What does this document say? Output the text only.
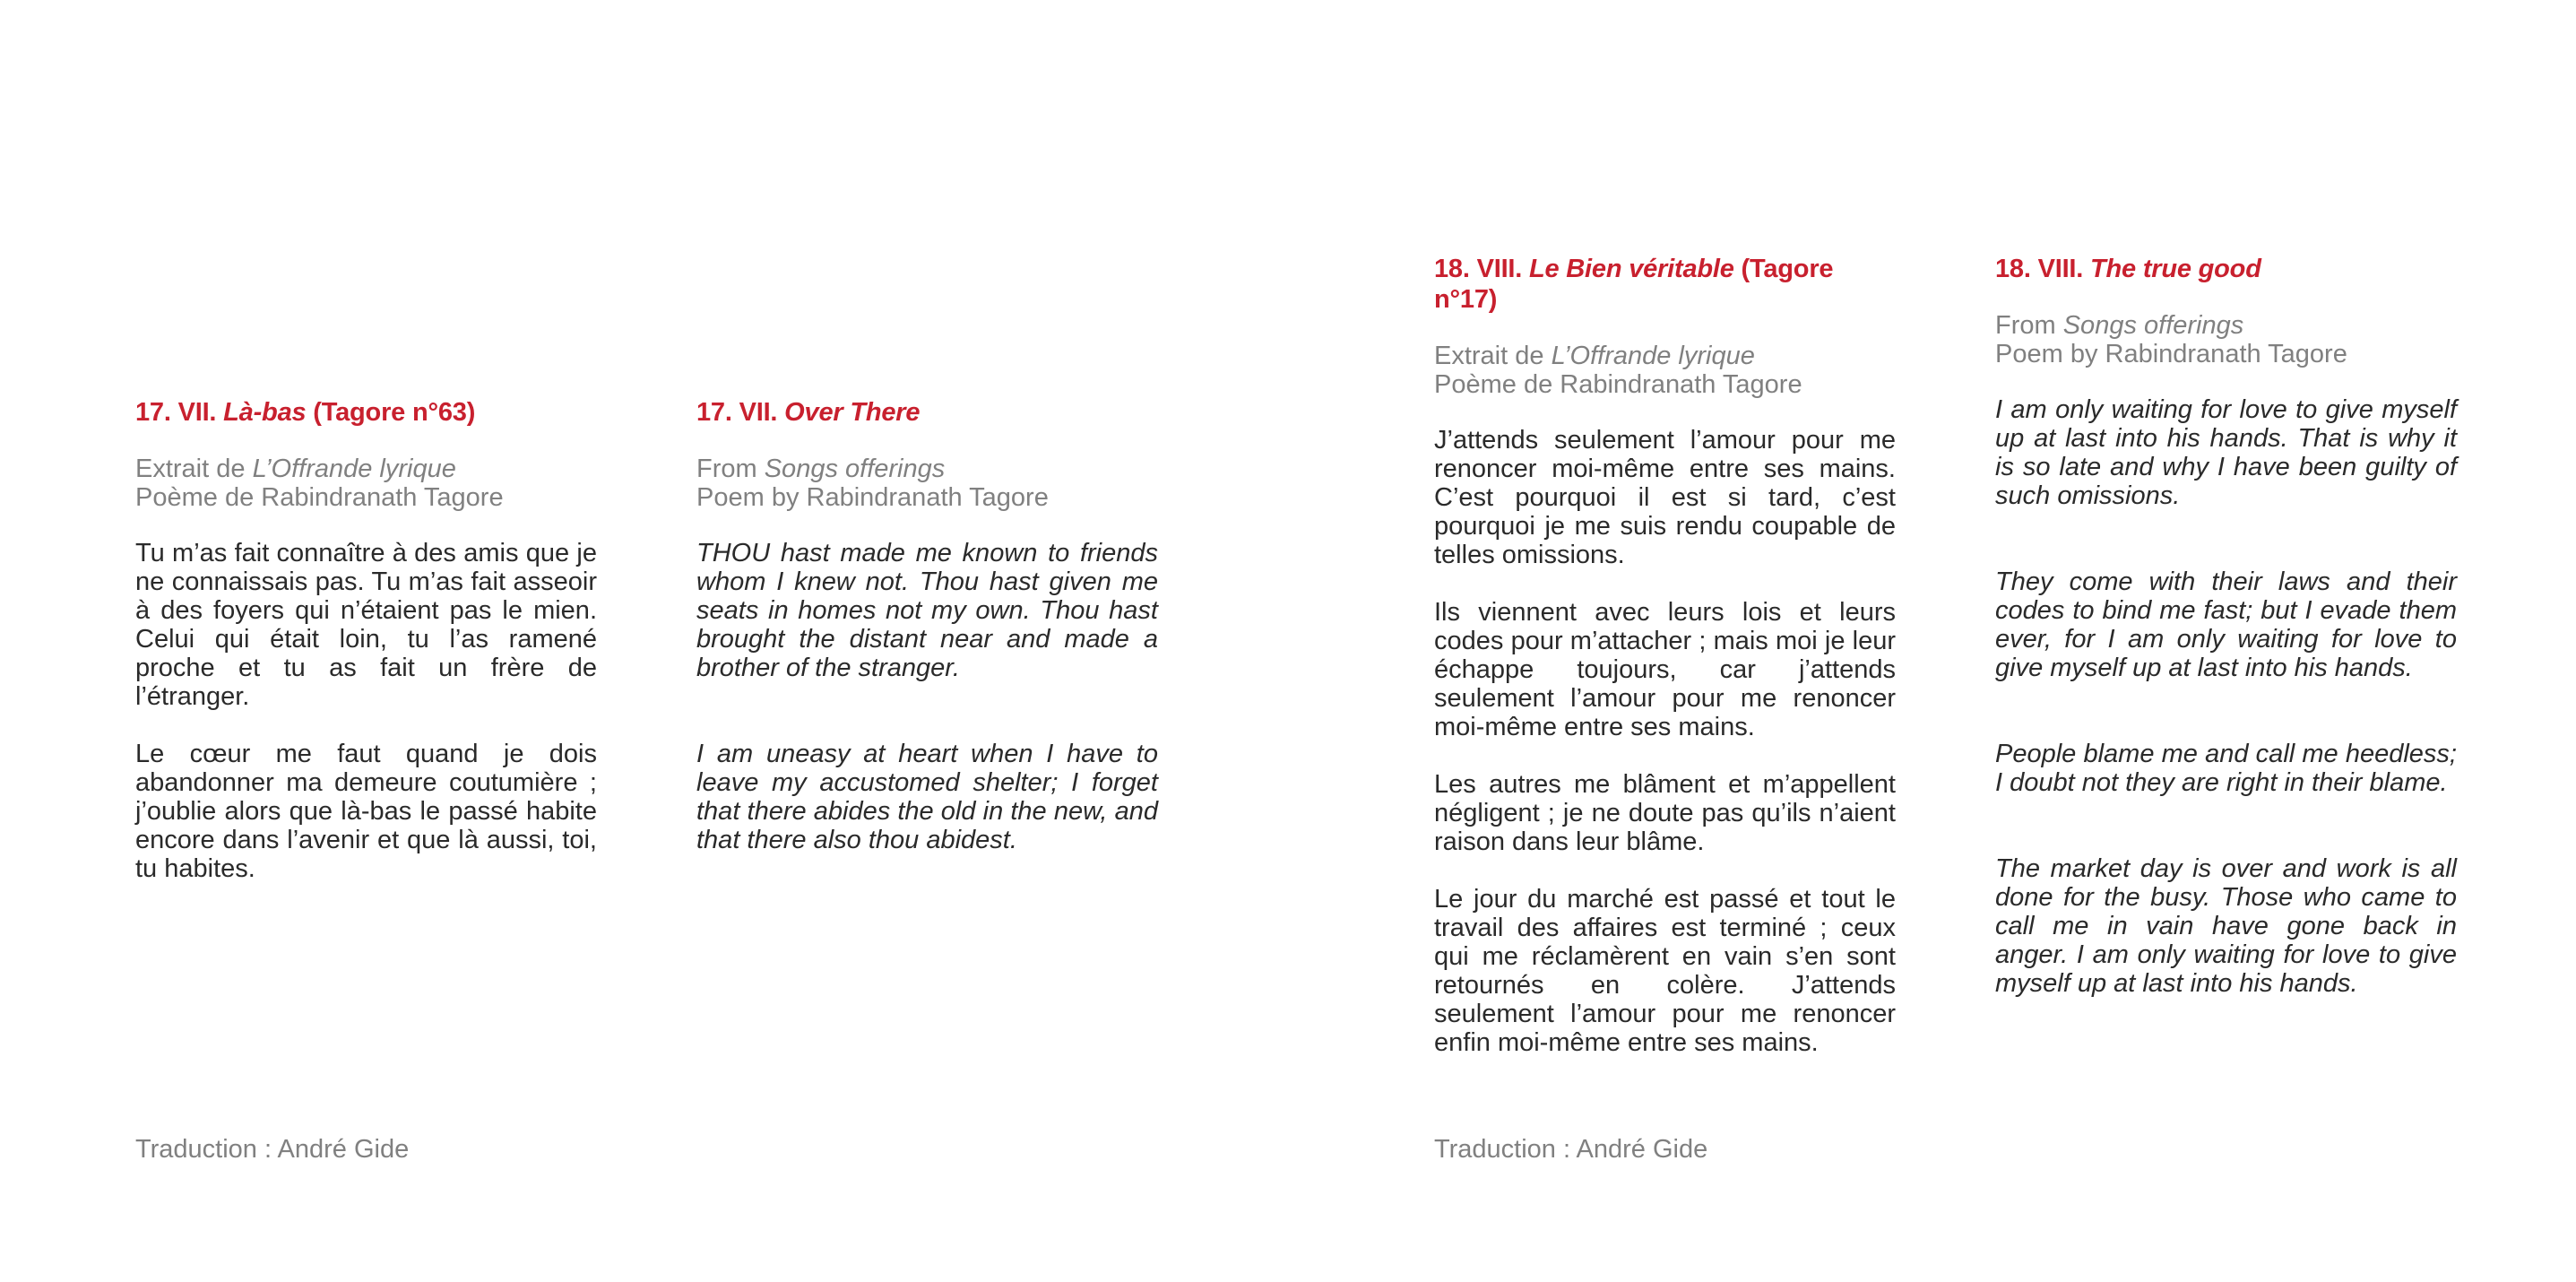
17. VII. Là-bas (Tagore n°63)
Extrait de L’Offrande lyrique
Poème de Rabindranath Tagore

Tu m’as fait connaître à des amis que je ne connaissais pas. Tu m’as fait asseoir à des foyers qui n’étaient pas le mien. Celui qui était loin, tu l’as ramené proche et tu as fait un frère de l’étranger.

Le cœur me faut quand je dois abandonner ma demeure coutumière ; j’oublie alors que là-bas le passé habite encore dans l’avenir et que là aussi, toi, tu habites.

17. VII. Over There
From Songs offerings
Poem by Rabindranath Tagore

THOU hast made me known to friends whom I knew not. Thou hast given me seats in homes not my own. Thou hast brought the distant near and made a brother of the stranger.

I am uneasy at heart when I have to leave my accustomed shelter; I forget that there abides the old in the new, and that there also thou abidest.

18. VIII. Le Bien véritable (Tagore n°17)
Extrait de L’Offrande lyrique
Poème de Rabindranath Tagore

J’attends seulement l’amour pour me renoncer moi-même entre ses mains. C’est pourquoi il est si tard, c’est pourquoi je me suis rendu coupable de telles omissions.

Ils viennent avec leurs lois et leurs codes pour m’attacher ; mais moi je leur échappe toujours, car j’attends seulement l’amour pour me renoncer moi-même entre ses mains.

Les autres me blâment et m’appellent négligent ; je ne doute pas qu’ils n’aient raison dans leur blâme.

Le jour du marché est passé et tout le travail des affaires est terminé ; ceux qui me réclamèrent en vain s’en sont retournés en colère. J’attends seulement l’amour pour me renoncer enfin moi-même entre ses mains.

18. VIII. The true good
From Songs offerings
Poem by Rabindranath Tagore

I am only waiting for love to give myself up at last into his hands. That is why it is so late and why I have been guilty of such omissions.

They come with their laws and their codes to bind me fast; but I evade them ever, for I am only waiting for love to give myself up at last into his hands.

People blame me and call me heedless; I doubt not they are right in their blame.

The market day is over and work is all done for the busy. Those who came to call me in vain have gone back in anger. I am only waiting for love to give myself up at last into his hands.

Traduction : André Gide	Traduction : André Gide
